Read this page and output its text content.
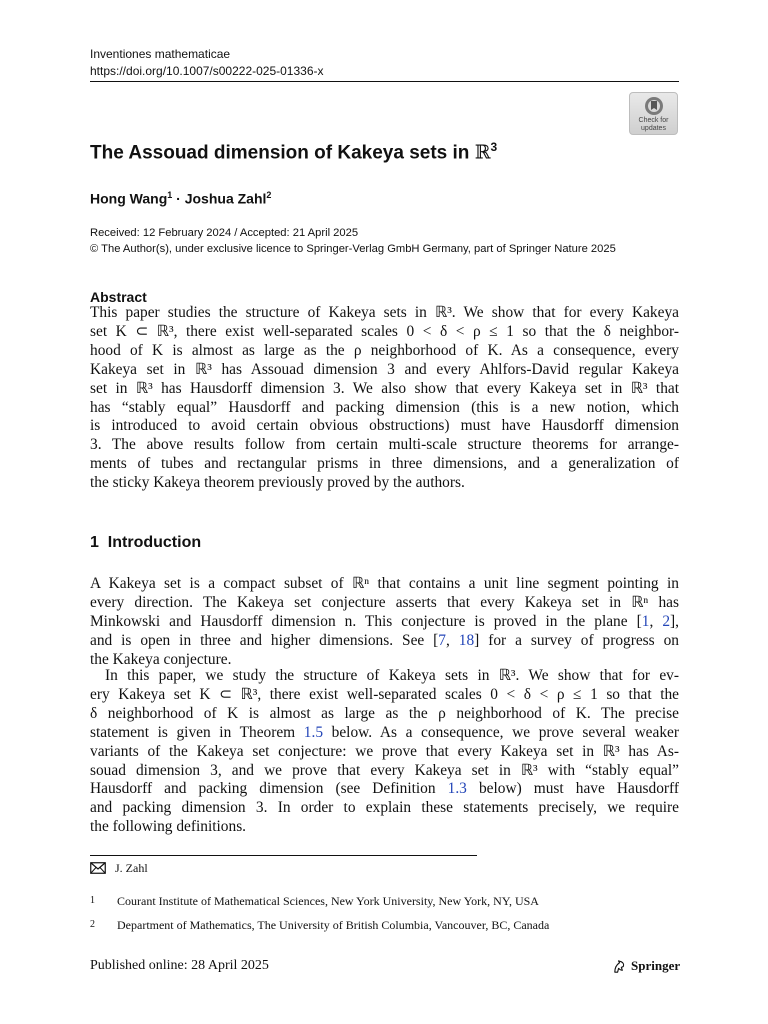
Inventiones mathematicae
https://doi.org/10.1007/s00222-025-01336-x
Check for
updates
The Assouad dimension of Kakeya sets in ℝ$^3$
Hong Wang$^1$ · Joshua Zahl$^2$
Received: 12 February 2024 / Accepted: 21 April 2025
© The Author(s), under exclusive licence to Springer-Verlag GmbH Germany, part of Springer Nature 2025
Abstract
This paper studies the structure of Kakeya sets in ℝ³. We show that for every Kakeya
set K ⊂ ℝ³, there exist well-separated scales 0 < δ < ρ ≤ 1 so that the δ neighbor-
hood of K is almost as large as the ρ neighborhood of K. As a consequence, every
Kakeya set in ℝ³ has Assouad dimension 3 and every Ahlfors-David regular Kakeya
set in ℝ³ has Hausdorff dimension 3. We also show that every Kakeya set in ℝ³ that
has “stably equal” Hausdorff and packing dimension (this is a new notion, which
is introduced to avoid certain obvious obstructions) must have Hausdorff dimension
3. The above results follow from certain multi-scale structure theorems for arrange-
ments of tubes and rectangular prisms in three dimensions, and a generalization of
the sticky Kakeya theorem previously proved by the authors.
1 Introduction
A Kakeya set is a compact subset of ℝⁿ that contains a unit line segment pointing in
every direction. The Kakeya set conjecture asserts that every Kakeya set in ℝⁿ has
Minkowski and Hausdorff dimension n. This conjecture is proved in the plane [1, 2],
and is open in three and higher dimensions. See [7, 18] for a survey of progress on
the Kakeya conjecture.
In this paper, we study the structure of Kakeya sets in ℝ³. We show that for ev-
ery Kakeya set K ⊂ ℝ³, there exist well-separated scales 0 < δ < ρ ≤ 1 so that the
δ neighborhood of K is almost as large as the ρ neighborhood of K. The precise
statement is given in Theorem 1.5 below. As a consequence, we prove several weaker
variants of the Kakeya set conjecture: we prove that every Kakeya set in ℝ³ has As-
souad dimension 3, and we prove that every Kakeya set in ℝ³ with “stably equal”
Hausdorff and packing dimension (see Definition 1.3 below) must have Hausdorff
and packing dimension 3. In order to explain these statements precisely, we require
the following definitions.
J. Zahl
1 Courant Institute of Mathematical Sciences, New York University, New York, NY, USA
2 Department of Mathematics, The University of British Columbia, Vancouver, BC, Canada
Published online: 28 April 2025	Springer
